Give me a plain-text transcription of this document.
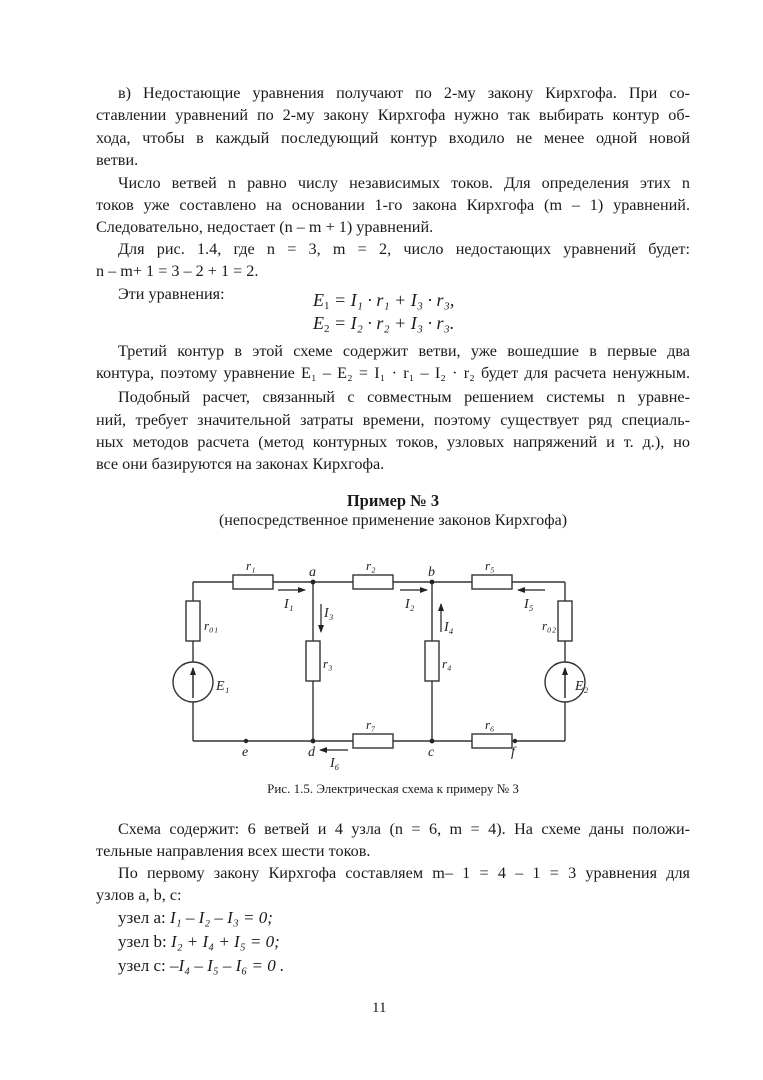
в) Недостающие уравнения получают по 2-му закону Кирхгофа. При со-
ставлении уравнений по 2-му закону Кирхгофа нужно так выбирать контур об-
хода, чтобы в каждый последующий контур входило не менее одной новой
ветви.
Число ветвей n равно числу независимых токов. Для определения этих n
токов уже составлено на основании 1-го закона Кирхгофа (m – 1) уравнений.
Следовательно, недостает (n – m + 1) уравнений.
Для рис. 1.4, где n = 3, m = 2, число недостающих уравнений будет:
n – m+ 1 = 3 – 2 + 1 = 2.
Эти уравнения:	$E_1 = I_1 \cdot r_1 + I_3 \cdot r_3$,
$E_2 = I_2 \cdot r_2 + I_3 \cdot r_3$.
Третий контур в этой схеме содержит ветви, уже вошедшие в первые два
контура, поэтому уравнение E₁ – E₂ = I₁ · r₁ – I₂ · r₂ будет для расчета ненужным.
Подобный расчет, связанный с совместным решением системы n уравне-
ний, требует значительной затраты времени, поэтому существует ряд специаль-
ных методов расчета (метод контурных токов, узловых напряжений и т. д.), но
все они базируются на законах Кирхгофа.
Пример № 3
(непосредственное применение законов Кирхгофа)
r₁	r₂	r₅
r₇	r₆
r₀₁
r₃	r₄
r₀₂
E₁	E₂
I₁	I₂	I₅
I₃
I₄
I₆
a	b
c
d
e	f
Рис. 1.5. Электрическая схема к примеру № 3
Схема содержит: 6 ветвей и 4 узла (n = 6, m = 4). На схеме даны положи-
тельные направления всех шести токов.
По первому закону Кирхгофа составляем m– 1 = 4 – 1 = 3 уравнения для
узлов a, b, c:
узел a: I₁ – I₂ – I₃ = 0;
узел b: I₂ + I₄ + I₅ = 0;
узел c: –I₄ – I₅ – I₆ = 0 .
11
